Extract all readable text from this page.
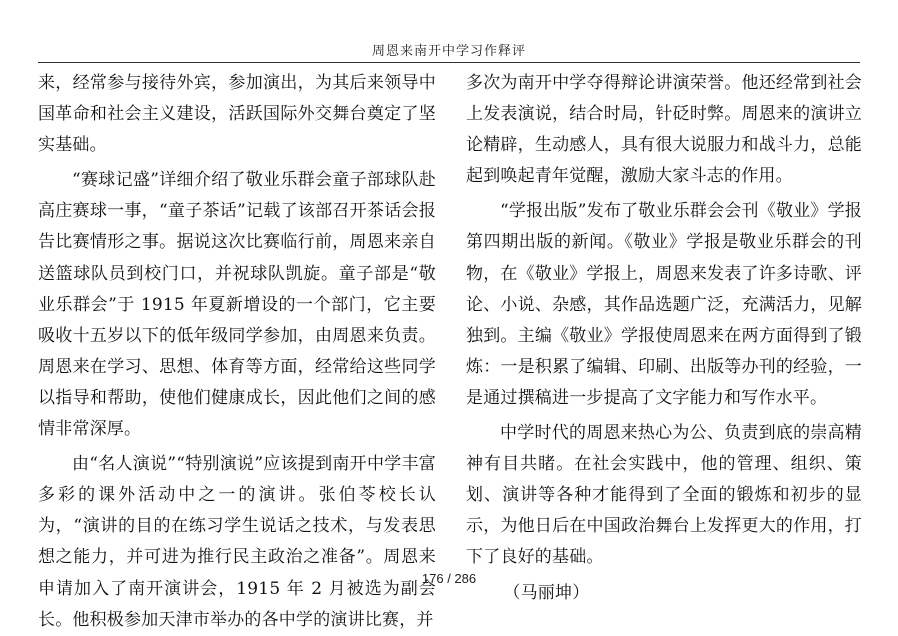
周恩来南开中学习作释评

来，经常参与接待外宾，参加演出，为其后来领导中国革命和社会主义建设，活跃国际外交舞台奠定了坚实基础。

“赛球记盛”详细介绍了敬业乐群会童子部球队赴高庄赛球一事，“童子茶话”记载了该部召开茶话会报告比赛情形之事。据说这次比赛临行前，周恩来亲自送篮球队员到校门口，并祝球队凯旋。童子部是“敬业乐群会”于 1915 年夏新增设的一个部门，它主要吸收十五岁以下的低年级同学参加，由周恩来负责。周恩来在学习、思想、体育等方面，经常给这些同学以指导和帮助，使他们健康成长，因此他们之间的感情非常深厚。

由“名人演说”“特别演说”应该提到南开中学丰富多彩的课外活动中之一的演讲。张伯苓校长认为，“演讲的目的在练习学生说话之技术，与发表思想之能力，并可进为推行民主政治之准备”。周恩来申请加入了南开演讲会，1915 年 2 月被选为副会长。他积极参加天津市举办的各中学的演讲比赛，并

多次为南开中学夺得辩论讲演荣誉。他还经常到社会上发表演说，结合时局，针砭时弊。周恩来的演讲立论精辟，生动感人，具有很大说服力和战斗力，总能起到唤起青年觉醒，激励大家斗志的作用。

“学报出版”发布了敬业乐群会会刊《敬业》学报第四期出版的新闻。《敬业》学报是敬业乐群会的刊物，在《敬业》学报上，周恩来发表了许多诗歌、评论、小说、杂感，其作品选题广泛，充满活力，见解独到。主编《敬业》学报使周恩来在两方面得到了锻炼：一是积累了编辑、印刷、出版等办刊的经验，一是通过撰稿进一步提高了文字能力和写作水平。

中学时代的周恩来热心为公、负责到底的崇高精神有目共睹。在社会实践中，他的管理、组织、策划、演讲等各种才能得到了全面的锻炼和初步的显示，为他日后在中国政治舞台上发挥更大的作用，打下了良好的基础。

（马丽坤）

176 / 286
